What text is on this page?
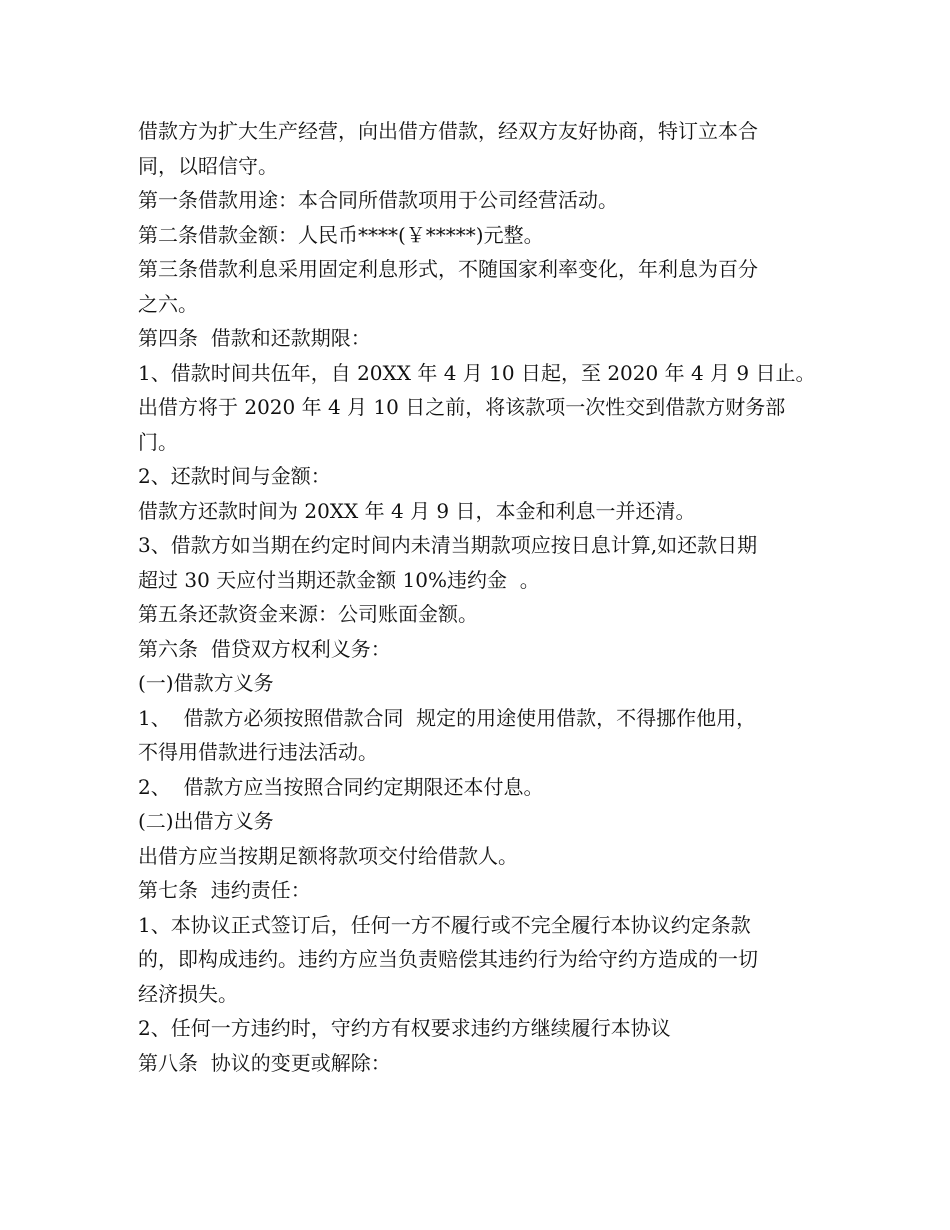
借款方为扩大生产经营，向出借方借款，经双方友好协商，特订立本合
同，以昭信守。
第一条借款用途：本合同所借款项用于公司经营活动。
第二条借款金额：人民币****(￥*****)元整。
第三条借款利息采用固定利息形式，不随国家利率变化，年利息为百分
之六。
第四条  借款和还款期限：
1、借款时间共伍年，自 20XX 年 4 月 10 日起，至 2020 年 4 月 9 日止。
出借方将于 2020 年 4 月 10 日之前，将该款项一次性交到借款方财务部
门。
2、还款时间与金额：
借款方还款时间为 20XX 年 4 月 9 日，本金和利息一并还清。
3、借款方如当期在约定时间内未清当期款项应按日息计算,如还款日期
超过 30 天应付当期还款金额 10%违约金  。
第五条还款资金来源：公司账面金额。
第六条  借贷双方权利义务：
(一)借款方义务
1、  借款方必须按照借款合同  规定的用途使用借款，不得挪作他用，
不得用借款进行违法活动。
2、  借款方应当按照合同约定期限还本付息。
(二)出借方义务
出借方应当按期足额将款项交付给借款人。
第七条  违约责任：
1、本协议正式签订后，任何一方不履行或不完全履行本协议约定条款
的，即构成违约。违约方应当负责赔偿其违约行为给守约方造成的一切
经济损失。
2、任何一方违约时，守约方有权要求违约方继续履行本协议
第八条  协议的变更或解除：
